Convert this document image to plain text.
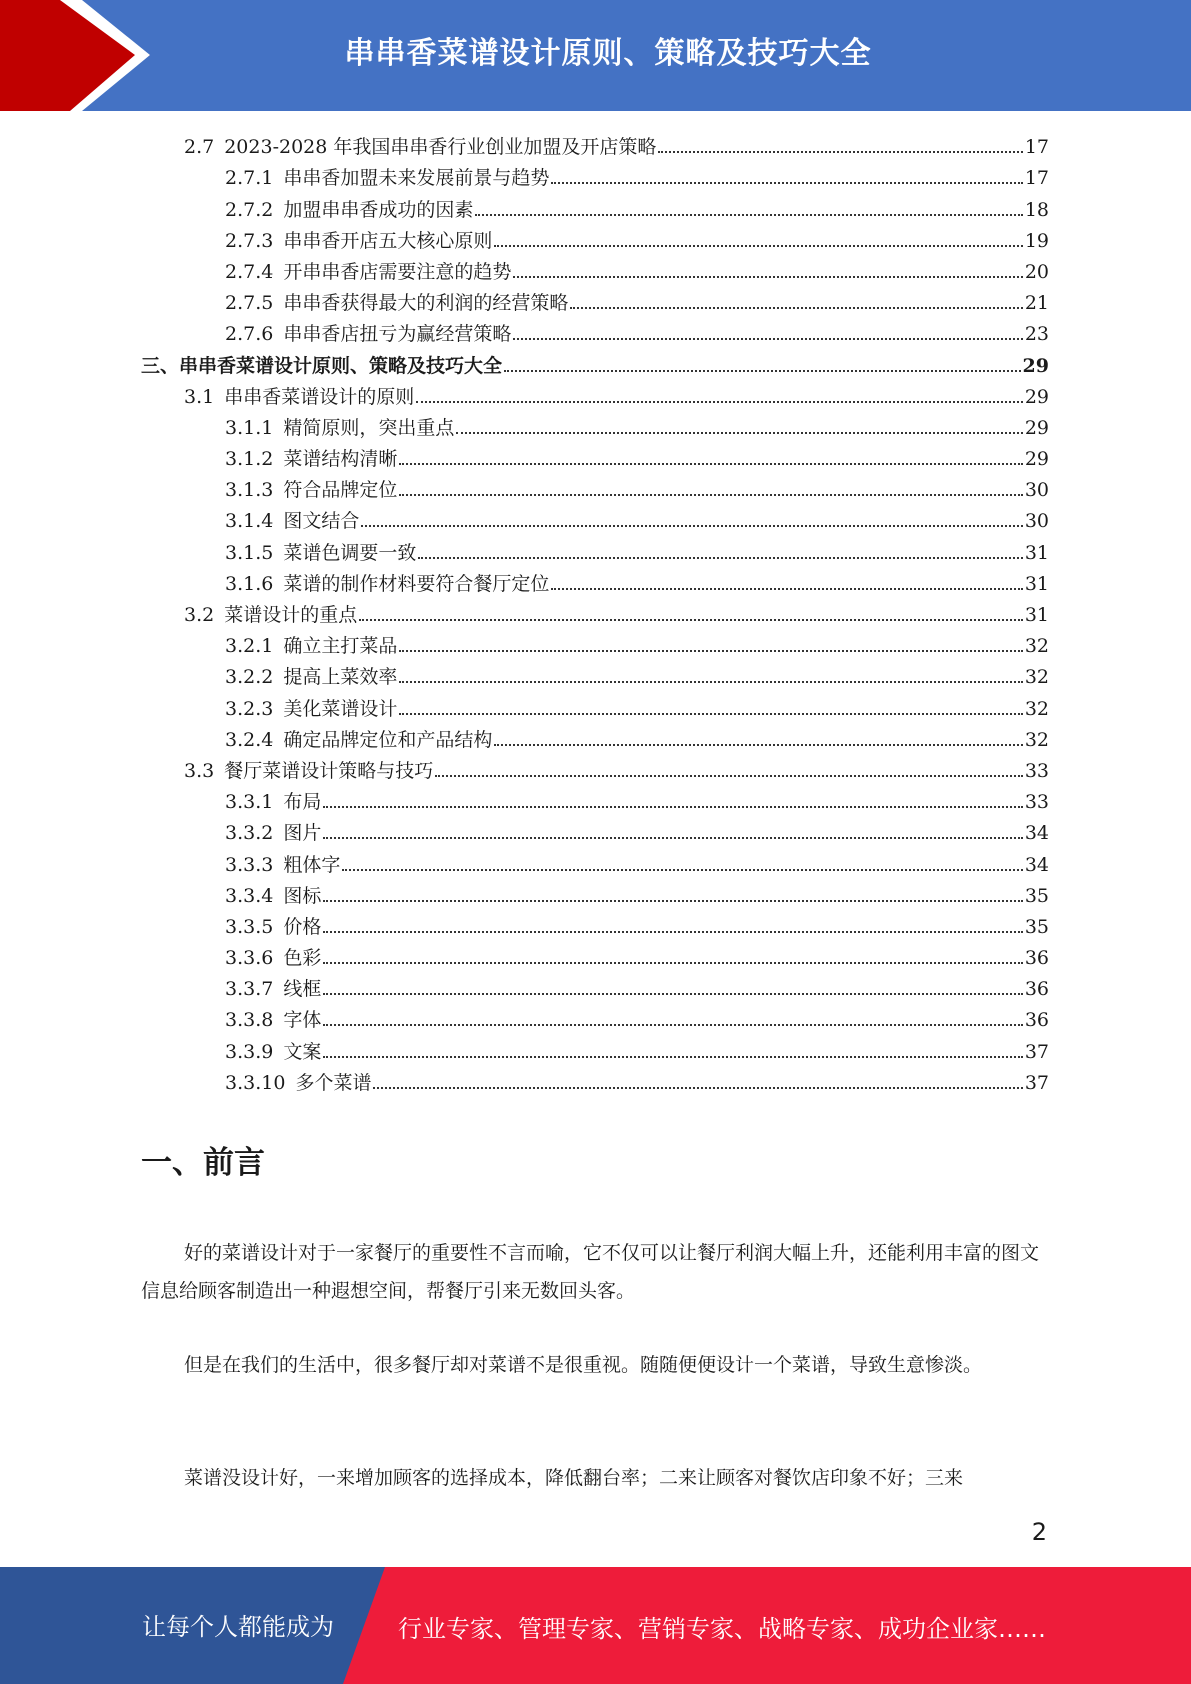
串串香菜谱设计原则、策略及技巧大全
2.7 2023-2028 年我国串串香行业创业加盟及开店策略	17
2.7.1 串串香加盟未来发展前景与趋势	17
2.7.2 加盟串串香成功的因素	18
2.7.3 串串香开店五大核心原则	19
2.7.4 开串串香店需要注意的趋势	20
2.7.5 串串香获得最大的利润的经营策略	21
2.7.6 串串香店扭亏为赢经营策略	23
三、 串串香菜谱设计原则、策略及技巧大全	29
3.1 串串香菜谱设计的原则	29
3.1.1 精简原则，突出重点	29
3.1.2 菜谱结构清晰	29
3.1.3 符合品牌定位	30
3.1.4 图文结合	30
3.1.5 菜谱色调要一致	31
3.1.6 菜谱的制作材料要符合餐厅定位	31
3.2 菜谱设计的重点	31
3.2.1 确立主打菜品	32
3.2.2 提高上菜效率	32
3.2.3 美化菜谱设计	32
3.2.4 确定品牌定位和产品结构	32
3.3 餐厅菜谱设计策略与技巧	33
3.3.1 布局	33
3.3.2 图片	34
3.3.3 粗体字	34
3.3.4 图标	35
3.3.5 价格	35
3.3.6 色彩	36
3.3.7 线框	36
3.3.8 字体	36
3.3.9 文案	37
3.3.10 多个菜谱	37
一、前言

好的菜谱设计对于一家餐厅的重要性不言而喻，它不仅可以让餐厅利润大幅上升，还能利用丰富的图文信息给顾客制造出一种遐想空间，帮餐厅引来无数回头客。

但是在我们的生活中，很多餐厅却对菜谱不是很重视。随随便便设计一个菜谱，导致生意惨淡。

菜谱没设计好，一来增加顾客的选择成本，降低翻台率；二来让顾客对餐饮店印象不好；三来

2
让每个人都能成为	行业专家、管理专家、营销专家、战略专家、成功企业家……
